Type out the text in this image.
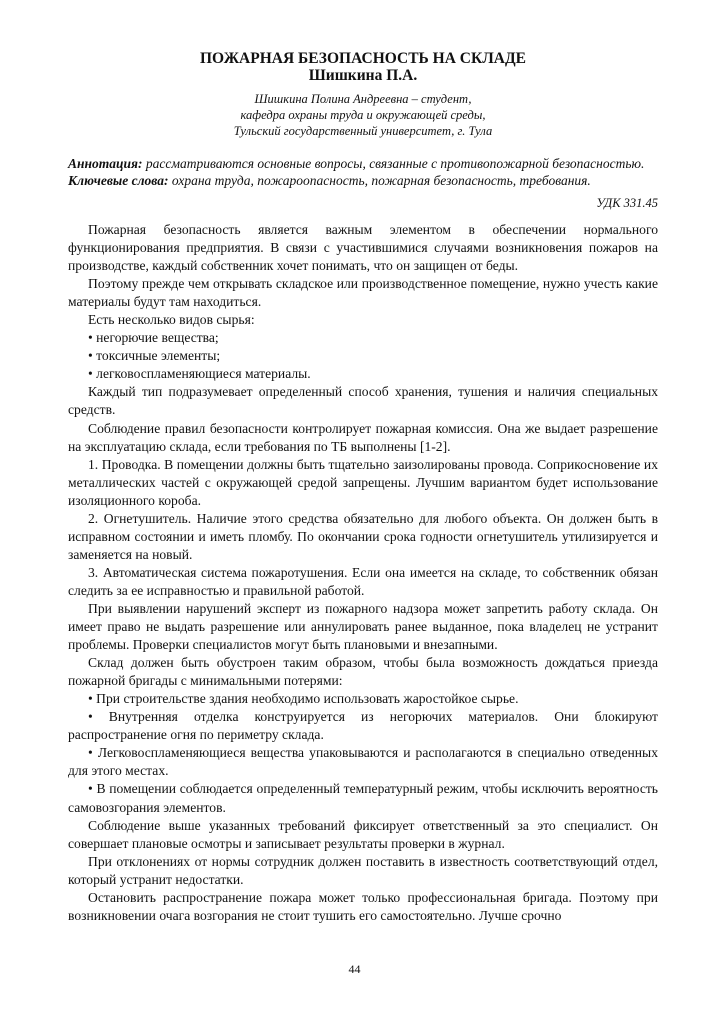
ПОЖАРНАЯ БЕЗОПАСНОСТЬ НА СКЛАДЕ

Шишкина П.А.

Шишкина Полина Андреевна – студент,

кафедра охраны труда и окружающей среды,

Тульский государственный университет, г. Тула

Аннотация: рассматриваются основные вопросы, связанные с противопожарной безопасностью.

Ключевые слова: охрана труда, пожароопасность, пожарная безопасность, требования.

УДК 331.45

Пожарная безопасность является важным элементом в обеспечении нормального функционирования предприятия. В связи с участившимися случаями возникновения пожаров на производстве, каждый собственник хочет понимать, что он защищен от беды.

Поэтому прежде чем открывать складское или производственное помещение, нужно учесть какие материалы будут там находиться.

Есть несколько видов сырья:

• негорючие вещества;

• токсичные элементы;

• легковоспламеняющиеся материалы.

Каждый тип подразумевает определенный способ хранения, тушения и наличия специальных средств.

Соблюдение правил безопасности контролирует пожарная комиссия. Она же выдает разрешение на эксплуатацию склада, если требования по ТБ выполнены [1-2].

1. Проводка. В помещении должны быть тщательно заизолированы провода. Соприкосновение их металлических частей с окружающей средой запрещены. Лучшим вариантом будет использование изоляционного короба.

2. Огнетушитель. Наличие этого средства обязательно для любого объекта. Он должен быть в исправном состоянии и иметь пломбу. По окончании срока годности огнетушитель утилизируется и заменяется на новый.

3. Автоматическая система пожаротушения. Если она имеется на складе, то собственник обязан следить за ее исправностью и правильной работой.

При выявлении нарушений эксперт из пожарного надзора может запретить работу склада. Он имеет право не выдать разрешение или аннулировать ранее выданное, пока владелец не устранит проблемы. Проверки специалистов могут быть плановыми и внезапными.

Склад должен быть обустроен таким образом, чтобы была возможность дождаться приезда пожарной бригады с минимальными потерями:

• При строительстве здания необходимо использовать жаростойкое сырье.

• Внутренняя отделка конструируется из негорючих материалов. Они блокируют распространение огня по периметру склада.

• Легковоспламеняющиеся вещества упаковываются и располагаются в специально отведенных для этого местах.

• В помещении соблюдается определенный температурный режим, чтобы исключить вероятность самовозгорания элементов.

Соблюдение выше указанных требований фиксирует ответственный за это специалист. Он совершает плановые осмотры и записывает результаты проверки в журнал.

При отклонениях от нормы сотрудник должен поставить в известность соответствующий отдел, который устранит недостатки.

Остановить распространение пожара может только профессиональная бригада. Поэтому при возникновении очага возгорания не стоит тушить его самостоятельно. Лучше срочно

44
